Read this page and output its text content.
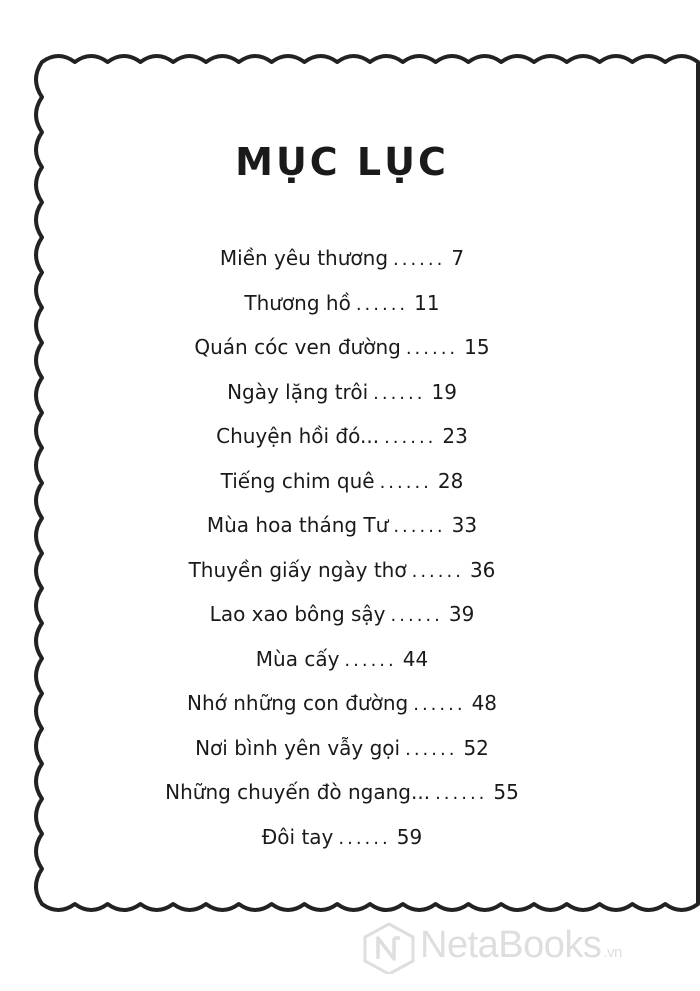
MỤC LỤC
Miền yêu thương ...... 7
Thương hồ ...... 11
Quán cóc ven đường ...... 15
Ngày lặng trôi ...... 19
Chuyện hồi đó... ...... 23
Tiếng chim quê ...... 28
Mùa hoa tháng Tư ...... 33
Thuyền giấy ngày thơ ...... 36
Lao xao bông sậy ...... 39
Mùa cấy ...... 44
Nhớ những con đường ...... 48
Nơi bình yên vẫy gọi ...... 52
Những chuyến đò ngang... ...... 55
Đôi tay ...... 59
NetaBooks .vn
